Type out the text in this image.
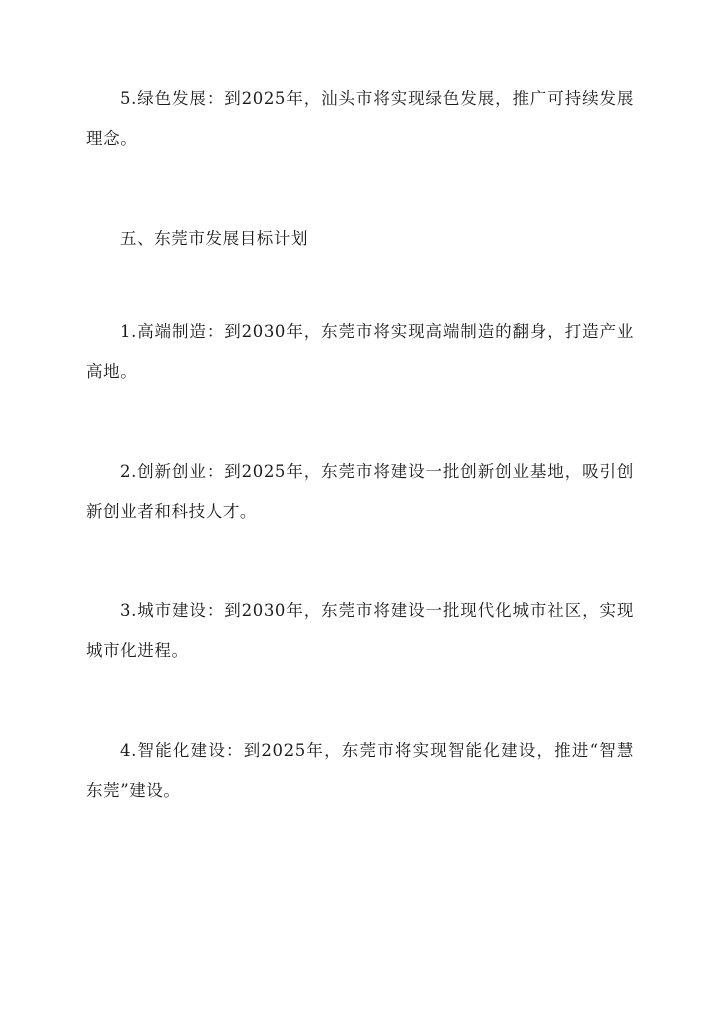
5.绿色发展：到2025年，汕头市将实现绿色发展，推广可持续发展理念。

五、东莞市发展目标计划

1.高端制造：到2030年，东莞市将实现高端制造的翻身，打造产业高地。

2.创新创业：到2025年，东莞市将建设一批创新创业基地，吸引创新创业者和科技人才。

3.城市建设：到2030年，东莞市将建设一批现代化城市社区，实现城市化进程。

4.智能化建设：到2025年，东莞市将实现智能化建设，推进“智慧东莞”建设。
